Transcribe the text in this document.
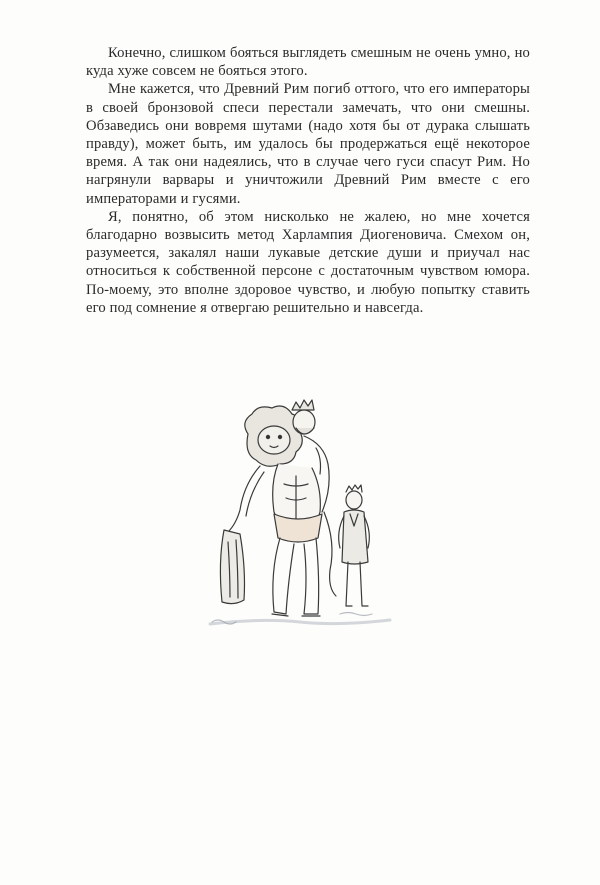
Конечно, слишком бояться выглядеть смешным не очень умно, но куда хуже совсем не бояться этого.

Мне кажется, что Древний Рим погиб оттого, что его императоры в своей бронзовой спеси перестали замечать, что они смешны. Обзаведись они вовремя шутами (надо хотя бы от дурака слышать правду), может быть, им удалось бы продержаться ещё некоторое время. А так они надеялись, что в случае чего гуси спасут Рим. Но нагрянули варвары и уничтожили Древний Рим вместе с его императорами и гусями.

Я, понятно, об этом нисколько не жалею, но мне хочется благодарно возвысить метод Харлампия Диогеновича. Смехом он, разумеется, закалял наши лукавые детские души и приучал нас относиться к собственной персоне с достаточным чувством юмора. По-моему, это вполне здоровое чувство, и любую попытку ставить его под сомнение я отвергаю решительно и навсегда.
